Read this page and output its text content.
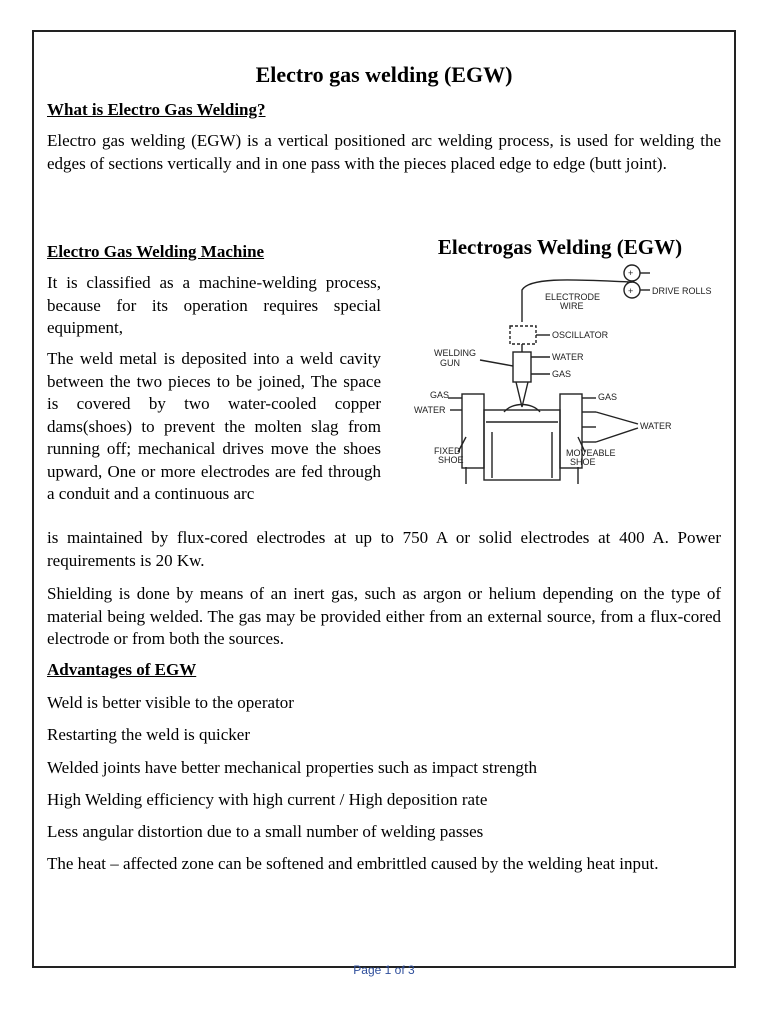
Electro gas welding (EGW)
What is Electro Gas Welding?
Electro gas welding (EGW) is a vertical positioned arc welding process, is used for welding the edges of sections vertically and in one pass with the pieces placed edge to edge (butt joint).
Electro Gas Welding Machine
It is classified as a machine-welding process, because for its operation requires special equipment,
The weld metal is deposited into a weld cavity between the two pieces to be joined, The space is covered by two water-cooled copper dams(shoes) to prevent the molten slag from running off; mechanical drives move the shoes upward, One or more electrodes are fed through a conduit and a continuous arc
is maintained by flux-cored electrodes at up to 750 A or solid electrodes at 400 A. Power requirements is 20 Kw.
Shielding is done by means of an inert gas, such as argon or helium depending on the type of material being welded. The gas may be provided either from an external source, from a flux-cored electrode or from both the sources.
Advantages of EGW
Weld is better visible to the operator
Restarting the weld is quicker
Welded joints have better mechanical properties such as impact strength
High Welding efficiency with high current / High deposition rate
Less angular distortion due to a small number of welding passes
The heat – affected zone can be softened and embrittled caused by the welding heat input.
Electrogas Welding (EGW)
+
+
ELECTRODE
WIRE
DRIVE ROLLS
OSCILLATOR
WELDING
GUN
WATER
GAS
GAS
WATER
GAS
WATER
FIXED
SHOE
MOVEABLE
SHOE
Page 1 of 3
